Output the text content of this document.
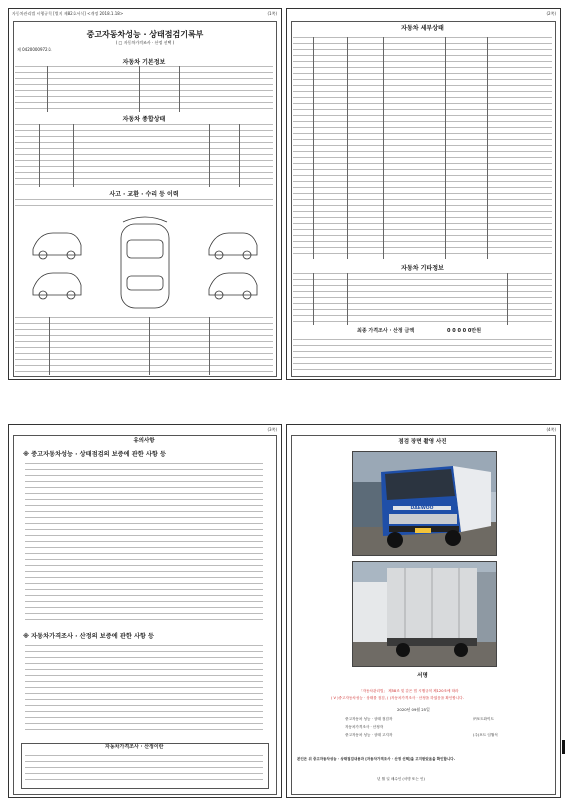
자동차관리법 시행규칙 [별지 제82호서식] <개정 2018.1.18>	(1쪽)
중고자동차성능 · 상태점검기록부
( □ 자동차가격조사 · 산정 선택 )
제 0420000972호
자동차 기본정보
자동차 종합상태
사고 · 교환 · 수리 등 이력
(2쪽)
자동차 세부상태
자동차 기타정보
최종 가격조사 · 산정 금액	0 0 0 0 0만원
(3쪽)
유의사항
※ 중고자동차성능 · 상태점검의 보증에 관한 사항 등
※ 자동차가격조사 · 산정의 보증에 관한 사항 등
자동차가격조사 · 산정이란
(4쪽)
점검 장면 촬영 사진
DAEWOO
서명
「자동차관리법」 제58조 및 같은 법 시행규칙 제120조에 따라
( V )중고자동차성능 · 상태를 점검, ( )자동차가격조사 · 산정을 하였음을 확인합니다.
2020년 09월 25일
중고자동차 성능 · 상태 점검자	㈜포트화이트
자동차가격조사 · 산정자
중고자동차 성능 · 상태 고지자	(주)포트 임월석
본인은 위 중고자동차성능 · 상태점검내용과 [자동차가격조사 · 산정 선택]을 고지받았음을 확인합니다.
년 월 일 매수인 (서명 또는 인)
